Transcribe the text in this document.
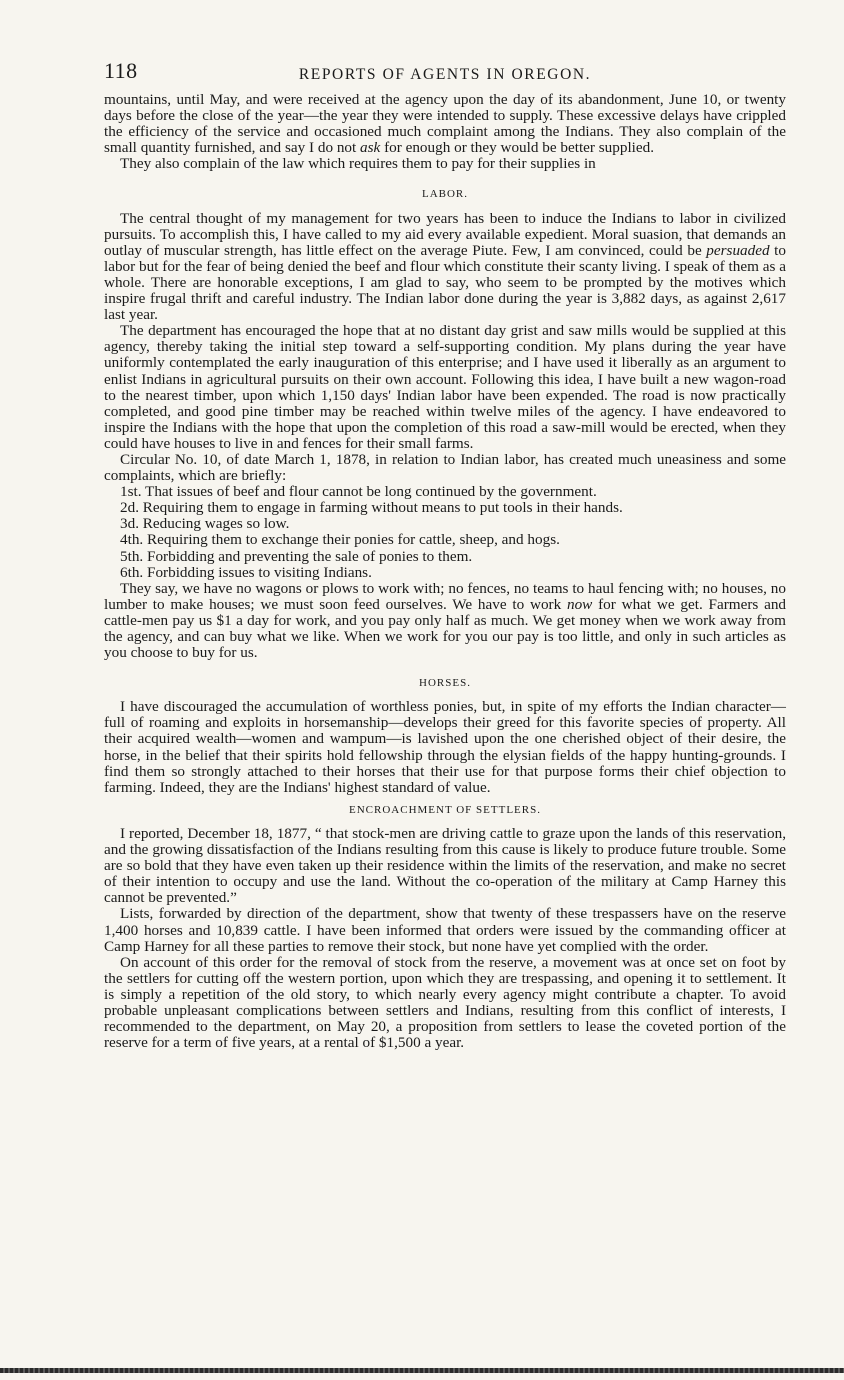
118	REPORTS OF AGENTS IN OREGON.

mountains, until May, and were received at the agency upon the day of its abandonment, June 10, or twenty days before the close of the year—the year they were intended to supply. These excessive delays have crippled the efficiency of the service and occasioned much complaint among the Indians. They also complain of the small quantity furnished, and say I do not ask for enough or they would be better supplied.

They also complain of the law which requires them to pay for their supplies in

LABOR.

The central thought of my management for two years has been to induce the Indians to labor in civilized pursuits. To accomplish this, I have called to my aid every available expedient. Moral suasion, that demands an outlay of muscular strength, has little effect on the average Piute. Few, I am convinced, could be persuaded to labor but for the fear of being denied the beef and flour which constitute their scanty living. I speak of them as a whole. There are honorable exceptions, I am glad to say, who seem to be prompted by the motives which inspire frugal thrift and careful industry. The Indian labor done during the year is 3,882 days, as against 2,617 last year.

The department has encouraged the hope that at no distant day grist and saw mills would be supplied at this agency, thereby taking the initial step toward a self-supporting condition. My plans during the year have uniformly contemplated the early inauguration of this enterprise; and I have used it liberally as an argument to enlist Indians in agricultural pursuits on their own account. Following this idea, I have built a new wagon-road to the nearest timber, upon which 1,150 days' Indian labor have been expended. The road is now practically completed, and good pine timber may be reached within twelve miles of the agency. I have endeavored to inspire the Indians with the hope that upon the completion of this road a saw-mill would be erected, when they could have houses to live in and fences for their small farms.

Circular No. 10, of date March 1, 1878, in relation to Indian labor, has created much uneasiness and some complaints, which are briefly:

1st. That issues of beef and flour cannot be long continued by the government.

2d. Requiring them to engage in farming without means to put tools in their hands.

3d. Reducing wages so low.

4th. Requiring them to exchange their ponies for cattle, sheep, and hogs.

5th. Forbidding and preventing the sale of ponies to them.

6th. Forbidding issues to visiting Indians.

They say, we have no wagons or plows to work with; no fences, no teams to haul fencing with; no houses, no lumber to make houses; we must soon feed ourselves. We have to work now for what we get. Farmers and cattle-men pay us $1 a day for work, and you pay only half as much. We get money when we work away from the agency, and can buy what we like. When we work for you our pay is too little, and only in such articles as you choose to buy for us.

HORSES.

I have discouraged the accumulation of worthless ponies, but, in spite of my efforts the Indian character—full of roaming and exploits in horsemanship—develops their greed for this favorite species of property. All their acquired wealth—women and wampum—is lavished upon the one cherished object of their desire, the horse, in the belief that their spirits hold fellowship through the elysian fields of the happy hunting-grounds. I find them so strongly attached to their horses that their use for that purpose forms their chief objection to farming. Indeed, they are the Indians' highest standard of value.

ENCROACHMENT OF SETTLERS.

I reported, December 18, 1877, “ that stock-men are driving cattle to graze upon the lands of this reservation, and the growing dissatisfaction of the Indians resulting from this cause is likely to produce future trouble. Some are so bold that they have even taken up their residence within the limits of the reservation, and make no secret of their intention to occupy and use the land. Without the co-operation of the military at Camp Harney this cannot be prevented.”

Lists, forwarded by direction of the department, show that twenty of these trespassers have on the reserve 1,400 horses and 10,839 cattle. I have been informed that orders were issued by the commanding officer at Camp Harney for all these parties to remove their stock, but none have yet complied with the order.

On account of this order for the removal of stock from the reserve, a movement was at once set on foot by the settlers for cutting off the western portion, upon which they are trespassing, and opening it to settlement. It is simply a repetition of the old story, to which nearly every agency might contribute a chapter. To avoid probable unpleasant complications between settlers and Indians, resulting from this conflict of interests, I recommended to the department, on May 20, a proposition from settlers to lease the coveted portion of the reserve for a term of five years, at a rental of $1,500 a year.
